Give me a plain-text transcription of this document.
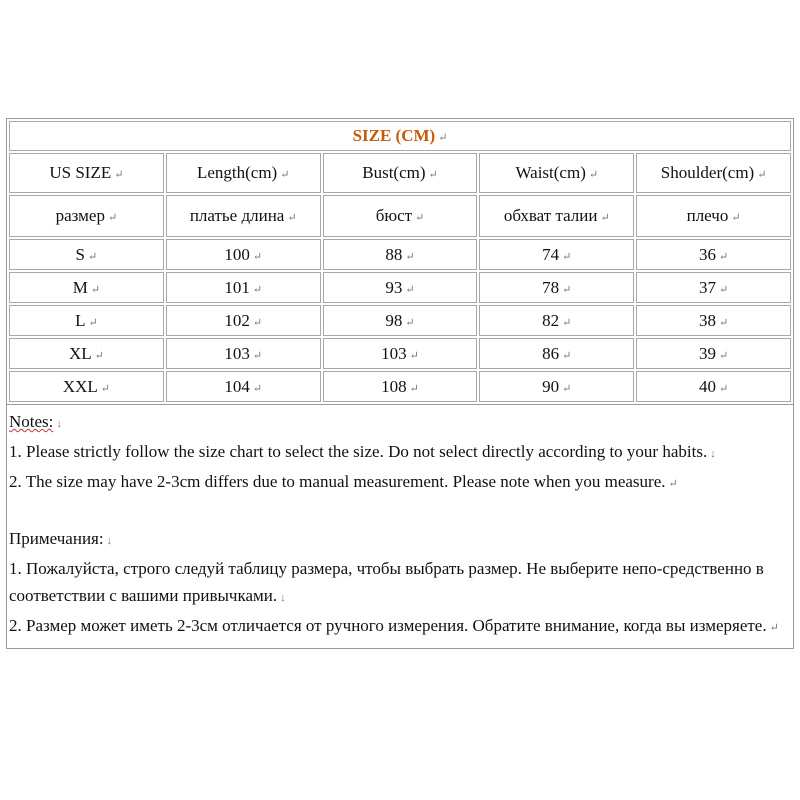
SIZE (CM) ↵				
US SIZE ↵	Length(cm) ↵	Bust(cm) ↵	Waist(cm) ↵	Shoulder(cm) ↵
размер ↵	платье длина ↵	бюст ↵	обхват талии ↵	плечо ↵
S ↵	100 ↵	88 ↵	74 ↵	36 ↵
M ↵	101 ↵	93 ↵	78 ↵	37 ↵
L ↵	102 ↵	98 ↵	82 ↵	38 ↵
XL ↵	103 ↵	103 ↵	86 ↵	39 ↵
XXL ↵	104 ↵	108 ↵	90 ↵	40 ↵

Notes: ↓

1. Please strictly follow the size chart to select the size. Do not select directly according to your habits. ↓

2. The size may have 2-3cm differs due to manual measurement. Please note when you measure. ↵

Примечания: ↓

1. Пожалуйста, строго следуй таблицу размера, чтобы выбрать размер. Не выберите непо-средственно в соответствии с вашими привычками. ↓

2. Размер может иметь 2-3см отличается от ручного измерения. Обратите внимание, когда вы измеряете. ↵
